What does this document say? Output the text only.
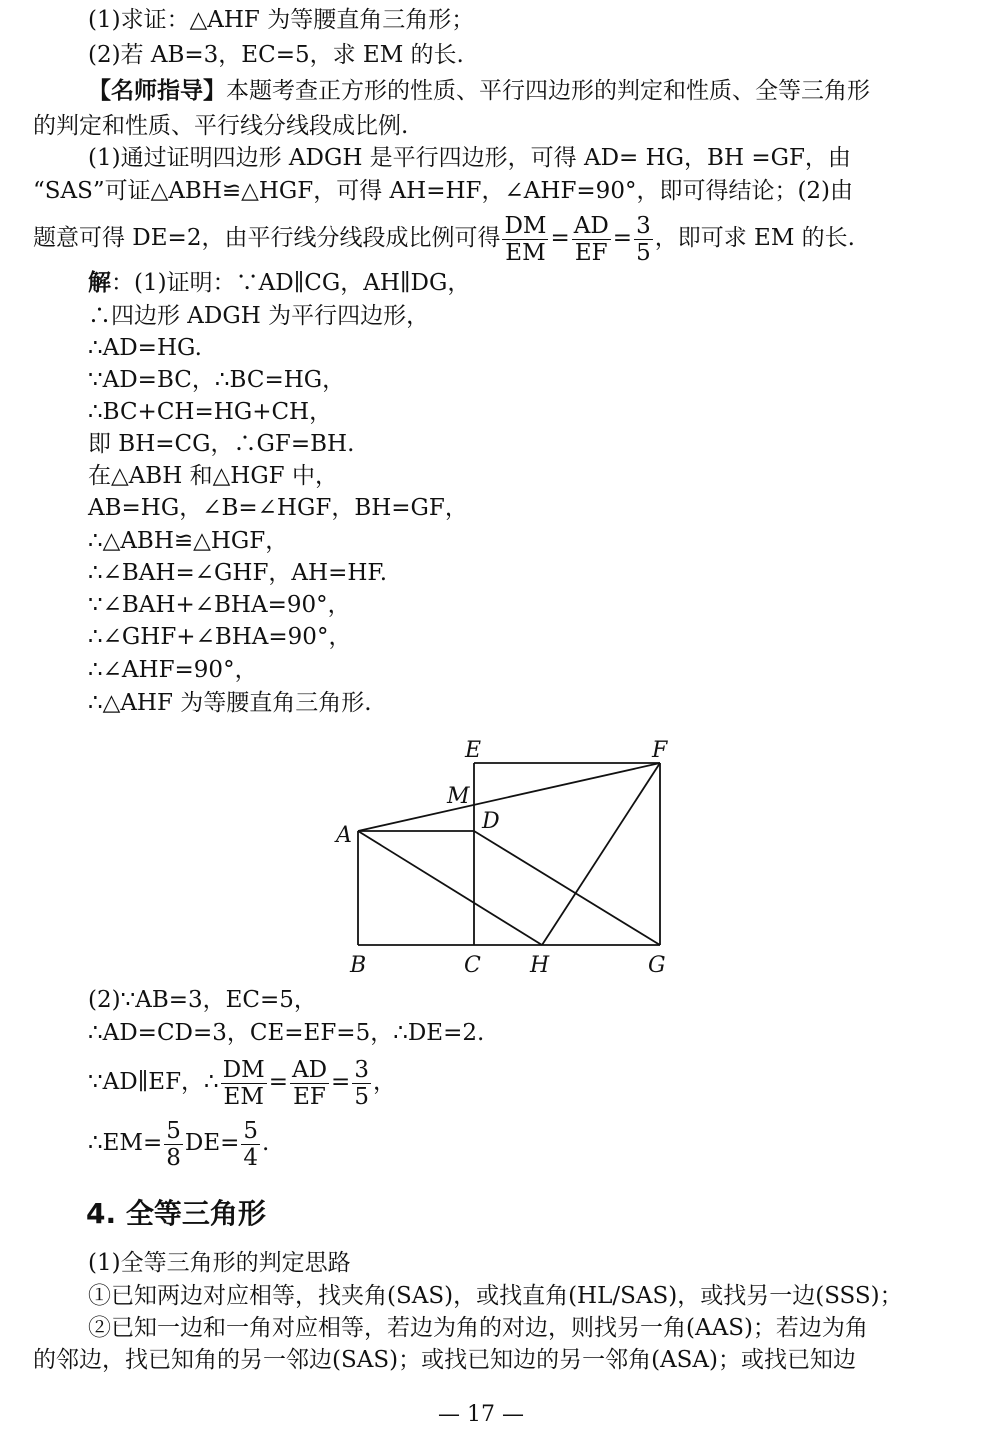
(1)求证：△AHF 为等腰直角三角形；
(2)若 AB=3，EC=5，求 EM 的长.
【名师指导】本题考查正方形的性质、平行四边形的判定和性质、全等三角形
的判定和性质、平行线分线段成比例.
(1)通过证明四边形 ADGH 是平行四边形，可得 AD= HG，BH =GF，由
“SAS”可证△ABH≌△HGF，可得 AH=HF，∠AHF=90°，即可得结论；(2)由
题意可得 DE=2，由平行线分线段成比例可得 $\frac{DM}{EM} = \frac{AD}{EF} = \frac{3}{5}$ ，即可求 EM 的长.
解：(1)证明：∵AD∥CG，AH∥DG，
∴四边形 ADGH 为平行四边形，
∴AD=HG.
∵AD=BC，∴BC=HG，
∴BC+CH=HG+CH，
即 BH=CG，∴GF=BH.
在△ABH 和△HGF 中，
AB=HG，∠B=∠HGF，BH=GF，
∴△ABH≌△HGF，
∴∠BAH=∠GHF，AH=HF.
∵∠BAH+∠BHA=90°，
∴∠GHF+∠BHA=90°，
∴∠AHF=90°，
∴△AHF 为等腰直角三角形.
E	F
M
D
A
B	C H	G
(2)∵AB=3，EC=5，
∴AD=CD=3，CE=EF=5，∴DE=2.
∵AD∥EF，∴ $\frac{DM}{EM} = \frac{AD}{EF} = \frac{3}{5}$ ，
∴EM= $\frac{5}{8} DE= \frac{5}{4}$ .
4. 全等三角形
(1)全等三角形的判定思路
①已知两边对应相等，找夹角(SAS)，或找直角(HL/SAS)，或找另一边(SSS)；
②已知一边和一角对应相等，若边为角的对边，则找另一角(AAS)；若边为角
的邻边，找已知角的另一邻边(SAS)；或找已知边的另一邻角(ASA)；或找已知边
— 17 —
